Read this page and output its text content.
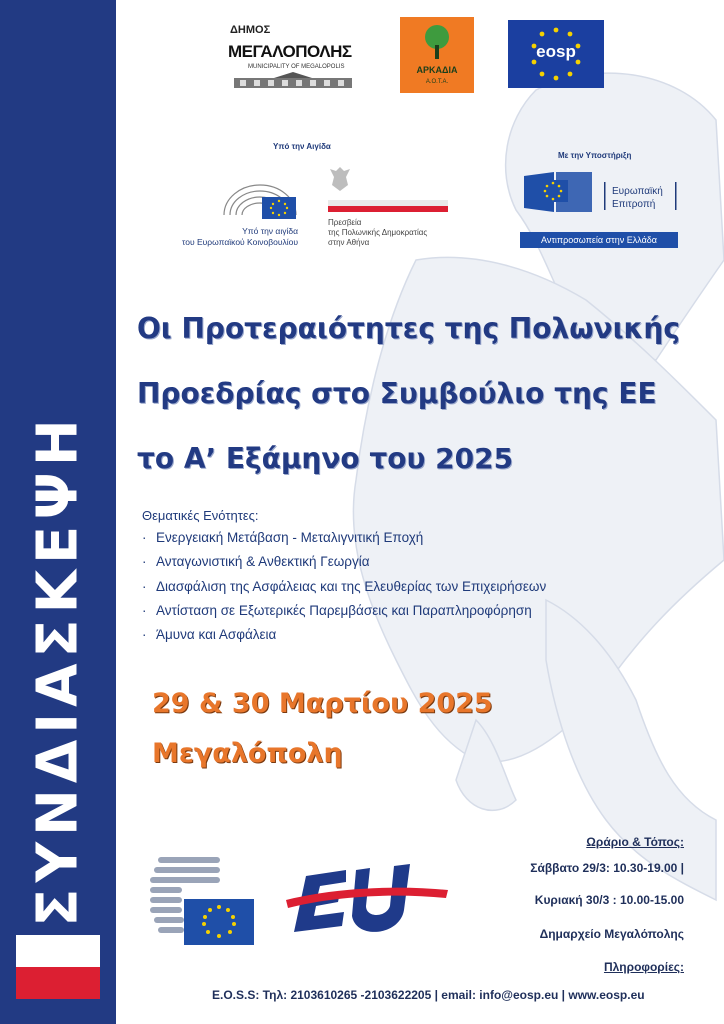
ΣΥΝΔΙΑΣΚΕΨΗ
ΔΗΜΟΣ
ΜΕΓΑΛΟΠΟΛΗΣ
MUNICIPALITY OF MEGALOPOLIS	ΑΡΚΑΔΙΑ
Α.Ο.Τ.Α.
eosp
Υπό την Αιγίδα
Υπό την αιγίδα
του Ευρωπαϊκού Κοινοβουλίου
Πρεσβεία
της Πολωνικής Δημοκρατίας
στην Αθήνα
Με την Υποστήριξη
Ευρωπαϊκή
Επιτροπή
Αντιπροσωπεία στην Ελλάδα
Οι Προτεραιότητες της Πολωνικής
Προεδρίας στο Συμβούλιο της ΕΕ
το Α’ Εξάμηνο του 2025
Θεματικές Ενότητες:
· Ενεργειακή Μετάβαση - Μεταλιγνιτική Εποχή
· Ανταγωνιστική & Ανθεκτική Γεωργία
· Διασφάλιση της Ασφάλειας και της Ελευθερίας των Επιχειρήσεων
· Αντίσταση σε Εξωτερικές Παρεμβάσεις και Παραπληροφόρηση
· Άμυνα και Ασφάλεια
29 & 30 Μαρτίου 2025
Μεγαλόπολη
Ωράριο & Τόπος:
Σάββατο 29/3: 10.30-19.00 |
Κυριακή 30/3 : 10.00-15.00
Δημαρχείο Μεγαλόπολης
Πληροφορίες:
E.O.S.S: Τηλ: 2103610265 -2103622205 | email: info@eosp.eu | www.eosp.eu
